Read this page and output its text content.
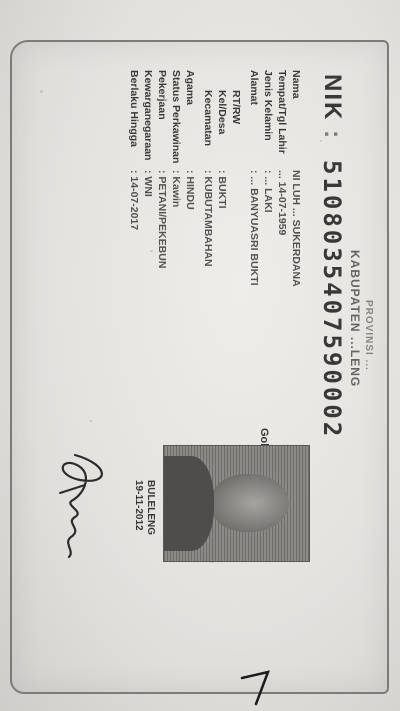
PROVINSI ...
KABUPATEN ...LENG
NIK
:
5108035407590002
NamaNI LUH ... SUKERDANA
Tempat/Tgl Lahir... 14-07-1959
Jenis Kelamin: ... LAKI
Alamat: ... BANYUASRI BUKTI
RT/RW
Kel/Desa: BUKTI
Kecamatan: KUBUTAMBAHAN
Agama: HINDU
Status Perkawinan: Kawin
Pekerjaan: PETANI/PEKEBUN
Kewarganegaraan: WNI
Berlaku Hingga: 14-07-2017
BULELENG
19-11-2012
